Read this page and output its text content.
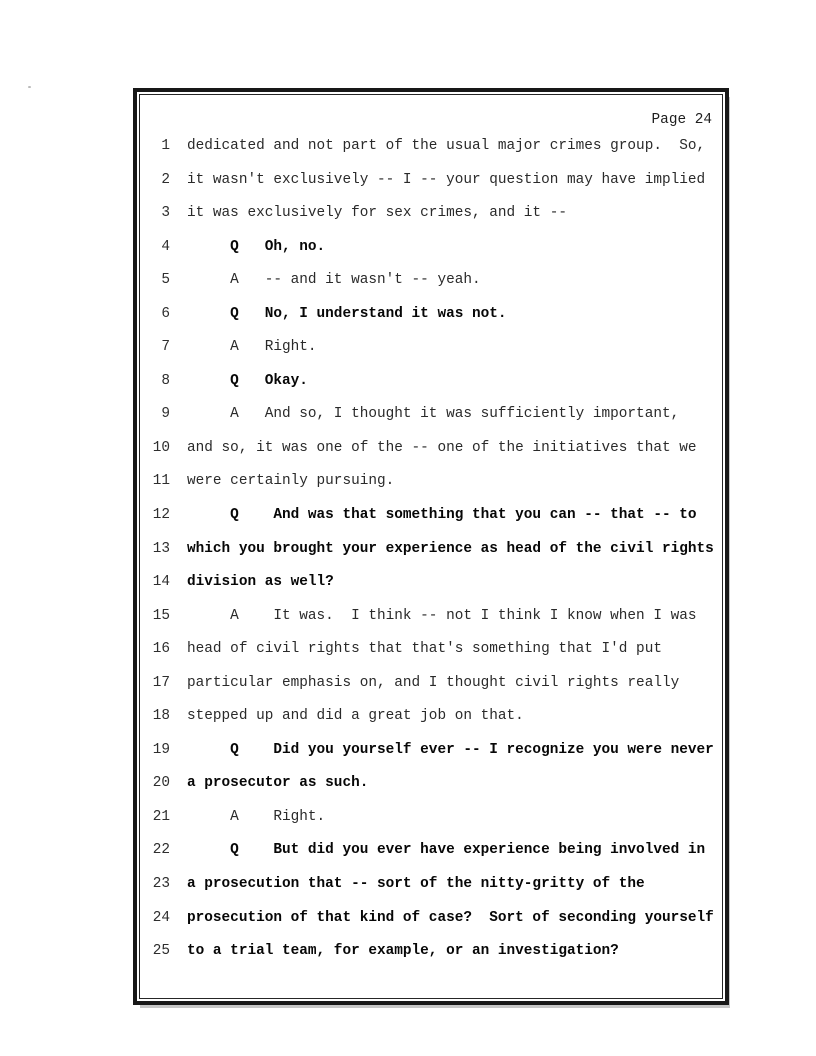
Page 24
1 dedicated and not part of the usual major crimes group.  So,
2 it wasn't exclusively -- I -- your question may have implied
3 it was exclusively for sex crimes, and it --
4 Q   Oh, no.
5 A   -- and it wasn't -- yeah.
6 Q   No, I understand it was not.
7 A   Right.
8 Q   Okay.
9 A   And so, I thought it was sufficiently important,
10 and so, it was one of the -- one of the initiatives that we
11 were certainly pursuing.
12 Q    And was that something that you can -- that -- to
13 which you brought your experience as head of the civil rights
14 division as well?
15 A    It was.  I think -- not I think I know when I was
16 head of civil rights that that's something that I'd put
17 particular emphasis on, and I thought civil rights really
18 stepped up and did a great job on that.
19 Q    Did you yourself ever -- I recognize you were never
20 a prosecutor as such.
21 A    Right.
22 Q    But did you ever have experience being involved in
23 a prosecution that -- sort of the nitty-gritty of the
24 prosecution of that kind of case?  Sort of seconding yourself
25 to a trial team, for example, or an investigation?
